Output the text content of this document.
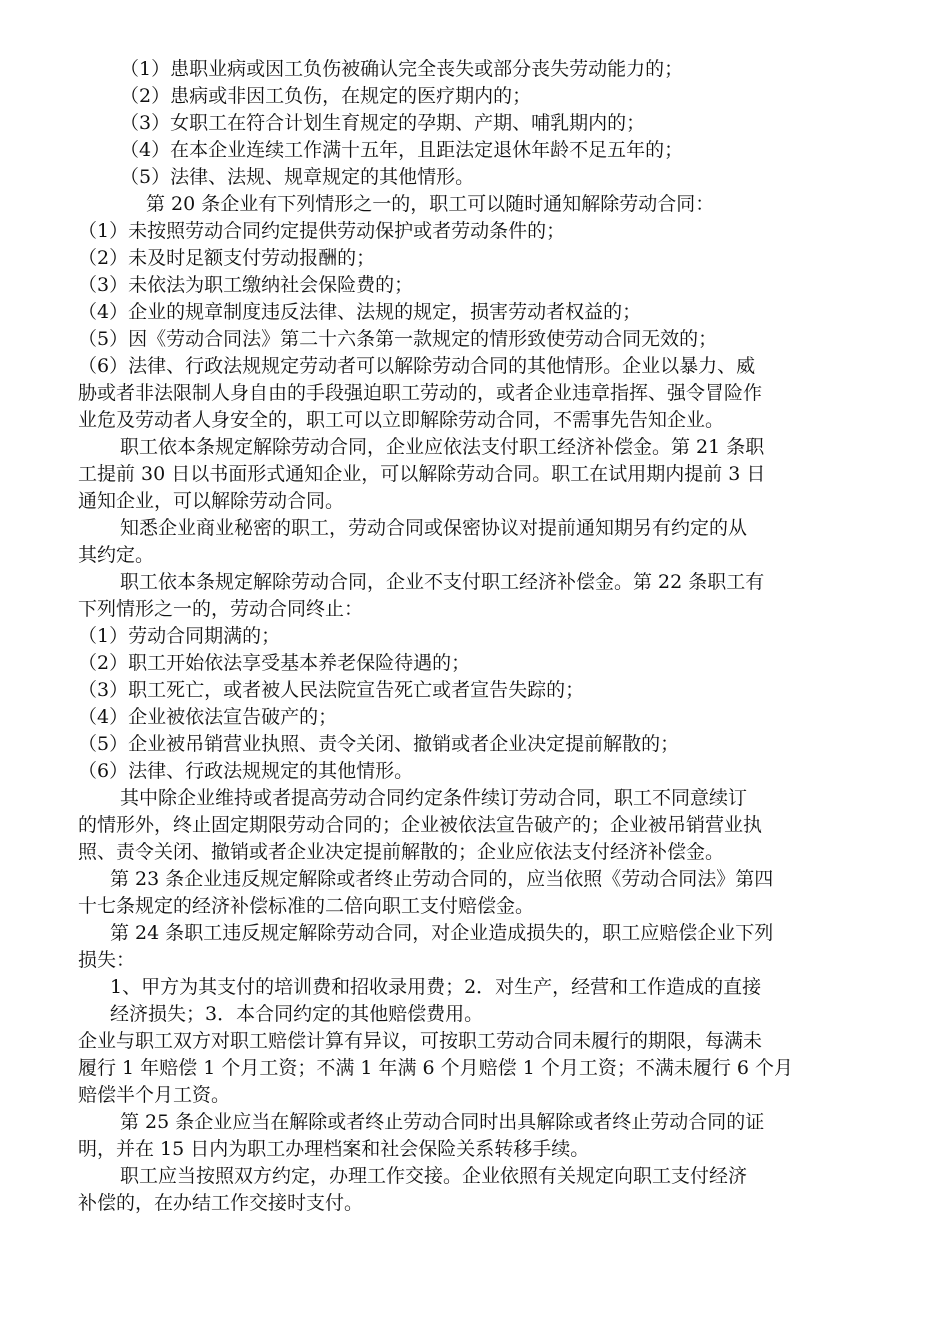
（1）患职业病或因工负伤被确认完全丧失或部分丧失劳动能力的；
（2）患病或非因工负伤，在规定的医疗期内的；
（3）女职工在符合计划生育规定的孕期、产期、哺乳期内的；
（4）在本企业连续工作满十五年，且距法定退休年龄不足五年的；
（5）法律、法规、规章规定的其他情形。
第 20 条企业有下列情形之一的，职工可以随时通知解除劳动合同：
（1）未按照劳动合同约定提供劳动保护或者劳动条件的；
（2）未及时足额支付劳动报酬的；
（3）未依法为职工缴纳社会保险费的；
（4）企业的规章制度违反法律、法规的规定，损害劳动者权益的；
（5）因《劳动合同法》第二十六条第一款规定的情形致使劳动合同无效的；
（6）法律、行政法规规定劳动者可以解除劳动合同的其他情形。企业以暴力、威
胁或者非法限制人身自由的手段强迫职工劳动的，或者企业违章指挥、强令冒险作
业危及劳动者人身安全的，职工可以立即解除劳动合同，不需事先告知企业。
职工依本条规定解除劳动合同，企业应依法支付职工经济补偿金。第 21 条职
工提前 30 日以书面形式通知企业，可以解除劳动合同。职工在试用期内提前 3 日
通知企业，可以解除劳动合同。
知悉企业商业秘密的职工，劳动合同或保密协议对提前通知期另有约定的从
其约定。
职工依本条规定解除劳动合同，企业不支付职工经济补偿金。第 22 条职工有
下列情形之一的，劳动合同终止：
（1）劳动合同期满的；
（2）职工开始依法享受基本养老保险待遇的；
（3）职工死亡，或者被人民法院宣告死亡或者宣告失踪的；
（4）企业被依法宣告破产的；
（5）企业被吊销营业执照、责令关闭、撤销或者企业决定提前解散的；
（6）法律、行政法规规定的其他情形。
其中除企业维持或者提高劳动合同约定条件续订劳动合同，职工不同意续订
的情形外，终止固定期限劳动合同的；企业被依法宣告破产的；企业被吊销营业执
照、责令关闭、撤销或者企业决定提前解散的；企业应依法支付经济补偿金。
第 23 条企业违反规定解除或者终止劳动合同的，应当依照《劳动合同法》第四
十七条规定的经济补偿标准的二倍向职工支付赔偿金。
第 24 条职工违反规定解除劳动合同，对企业造成损失的，职工应赔偿企业下列
损失：
1、甲方为其支付的培训费和招收录用费；2．对生产，经营和工作造成的直接
经济损失；3．本合同约定的其他赔偿费用。
企业与职工双方对职工赔偿计算有异议，可按职工劳动合同未履行的期限，每满未
履行 1 年赔偿 1 个月工资；不满 1 年满 6 个月赔偿 1 个月工资；不满未履行 6 个月
赔偿半个月工资。
第 25 条企业应当在解除或者终止劳动合同时出具解除或者终止劳动合同的证
明，并在 15 日内为职工办理档案和社会保险关系转移手续。
职工应当按照双方约定，办理工作交接。企业依照有关规定向职工支付经济
补偿的，在办结工作交接时支付。
